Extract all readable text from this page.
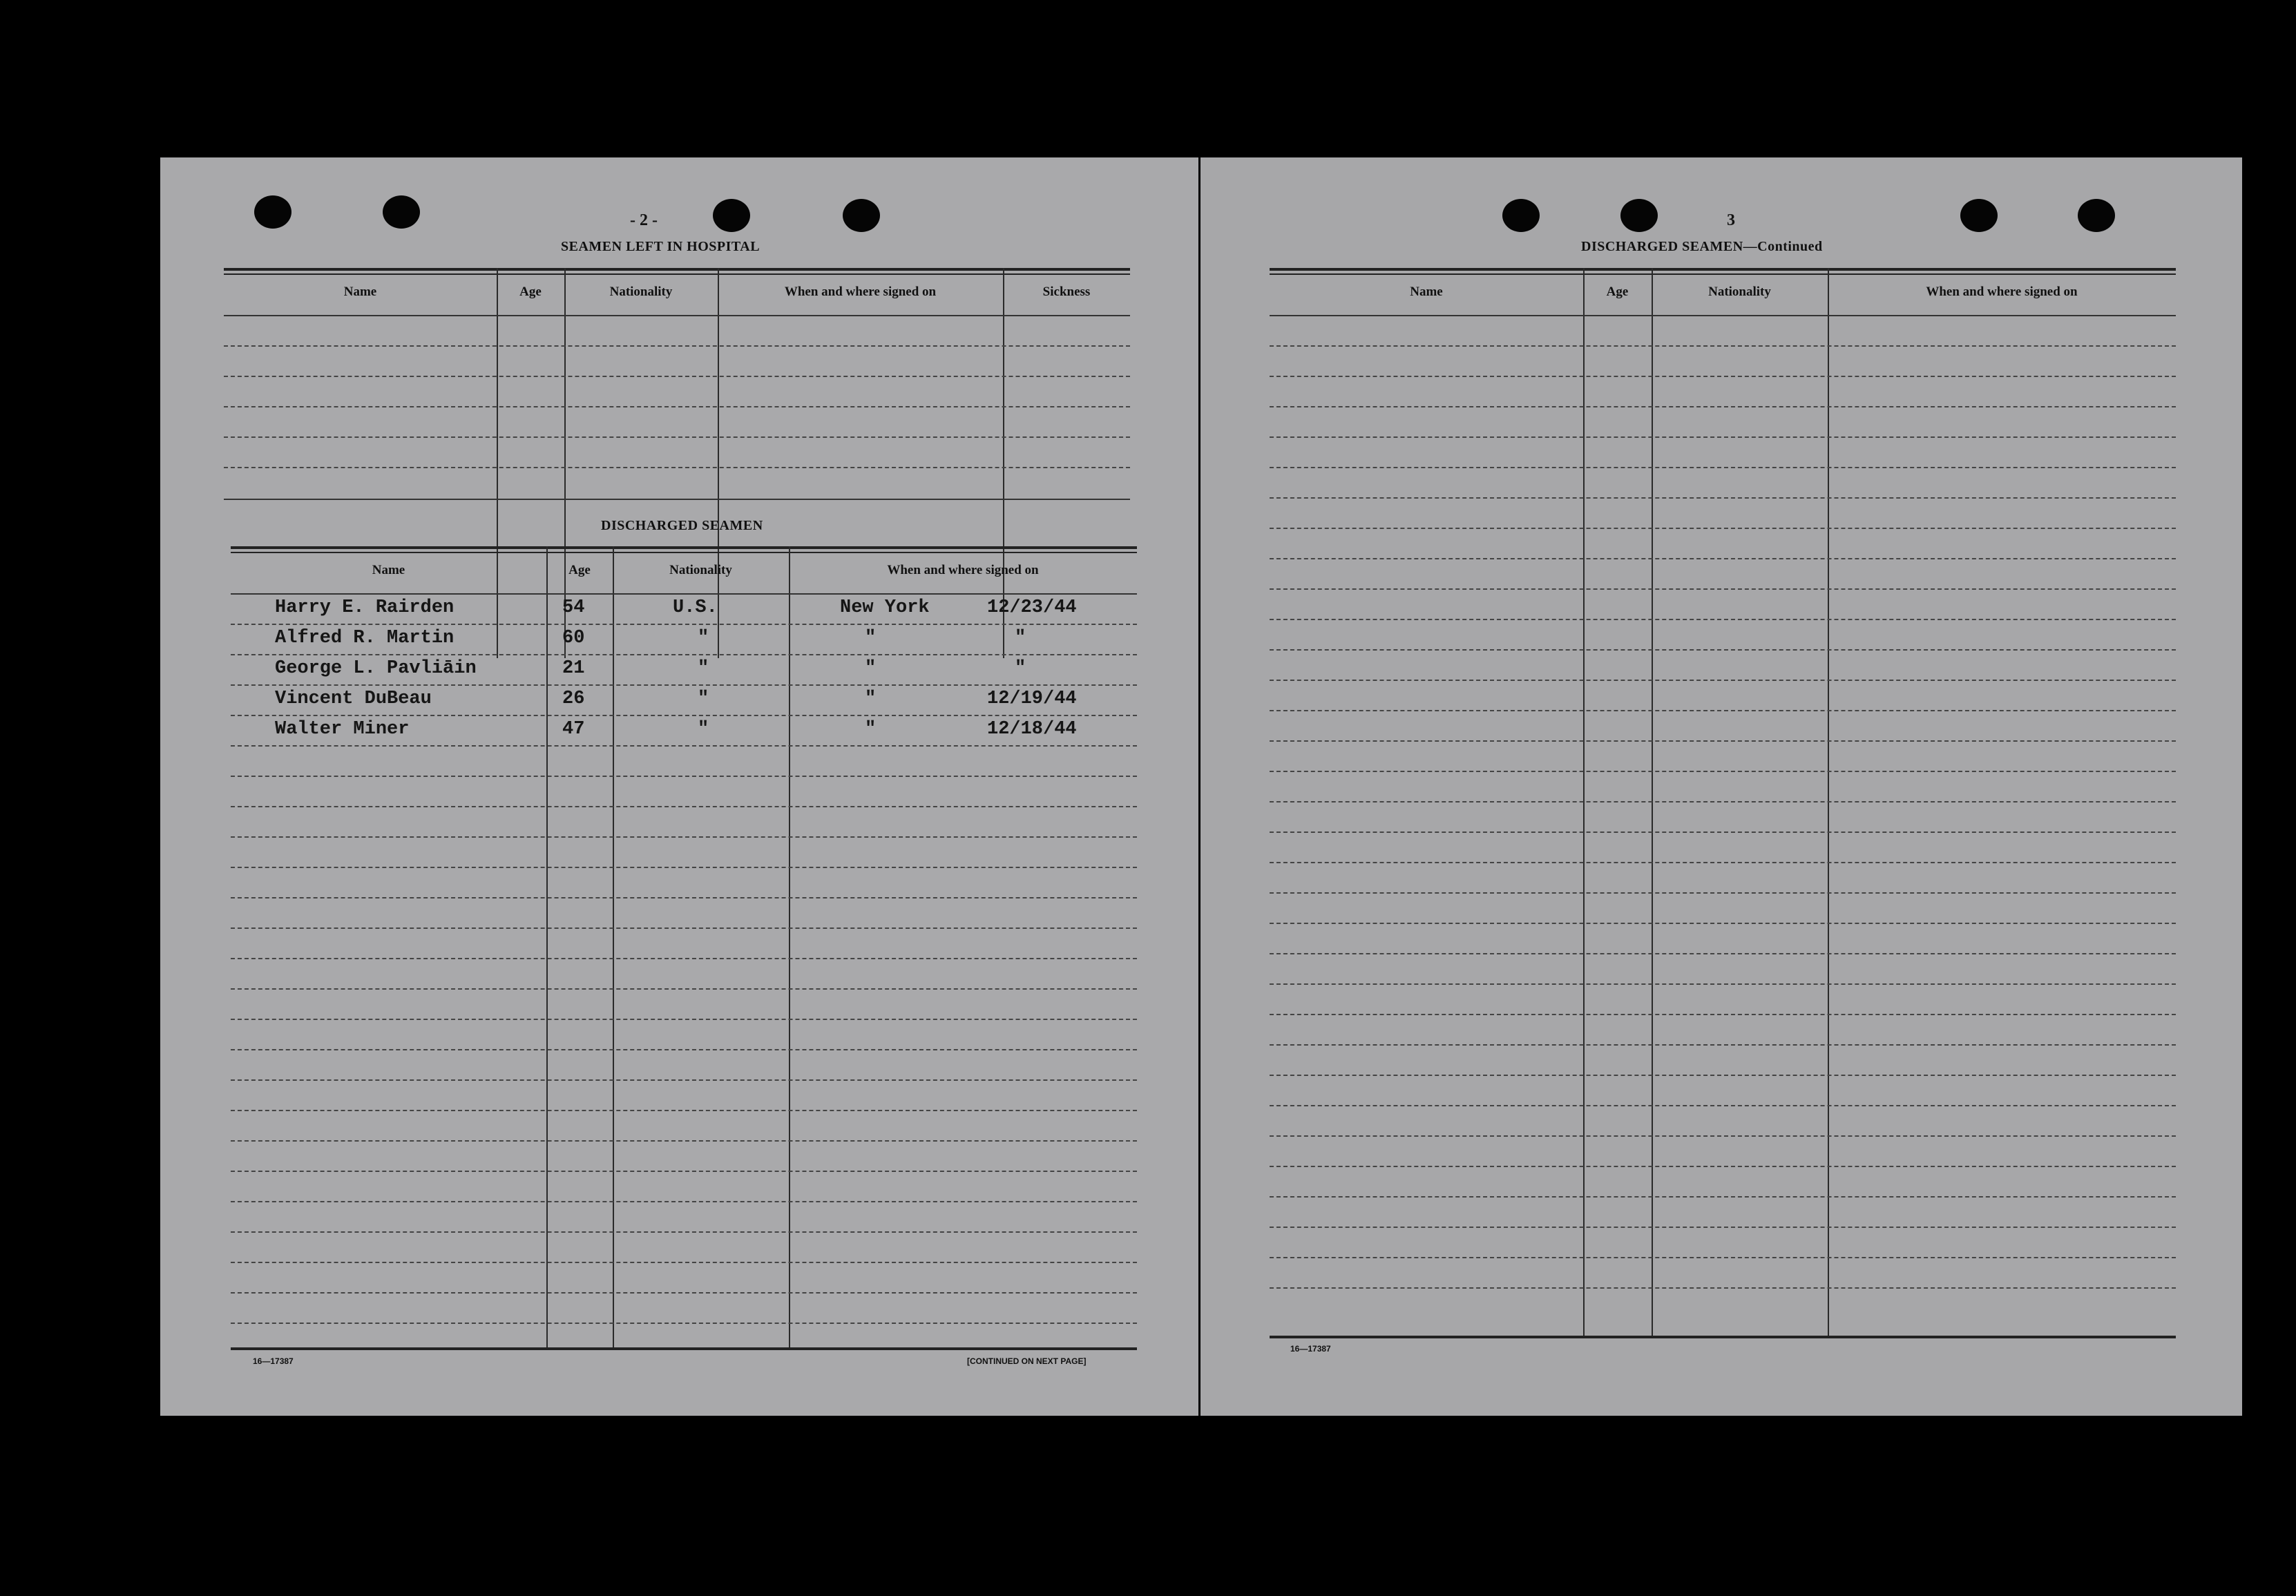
- 2 -
SEAMEN LEFT IN HOSPITAL
Name	Age	Nationality	When and where signed on	Sickness
DISCHARGED SEAMEN
Name	Age	Nationality	When and where signed on
Harry E. Rairden	54	U.S.	New York	12/23/44
Alfred R. Martin	60	"	"	"
George L. Pavliāin	21	"	"	"
Vincent DuBeau	26	"	"	12/19/44
Walter Miner	47	"	"	12/18/44
16—17387	[CONTINUED ON NEXT PAGE]
3
DISCHARGED SEAMEN—Continued
Name	Age	Nationality	When and where signed on
16—17387
